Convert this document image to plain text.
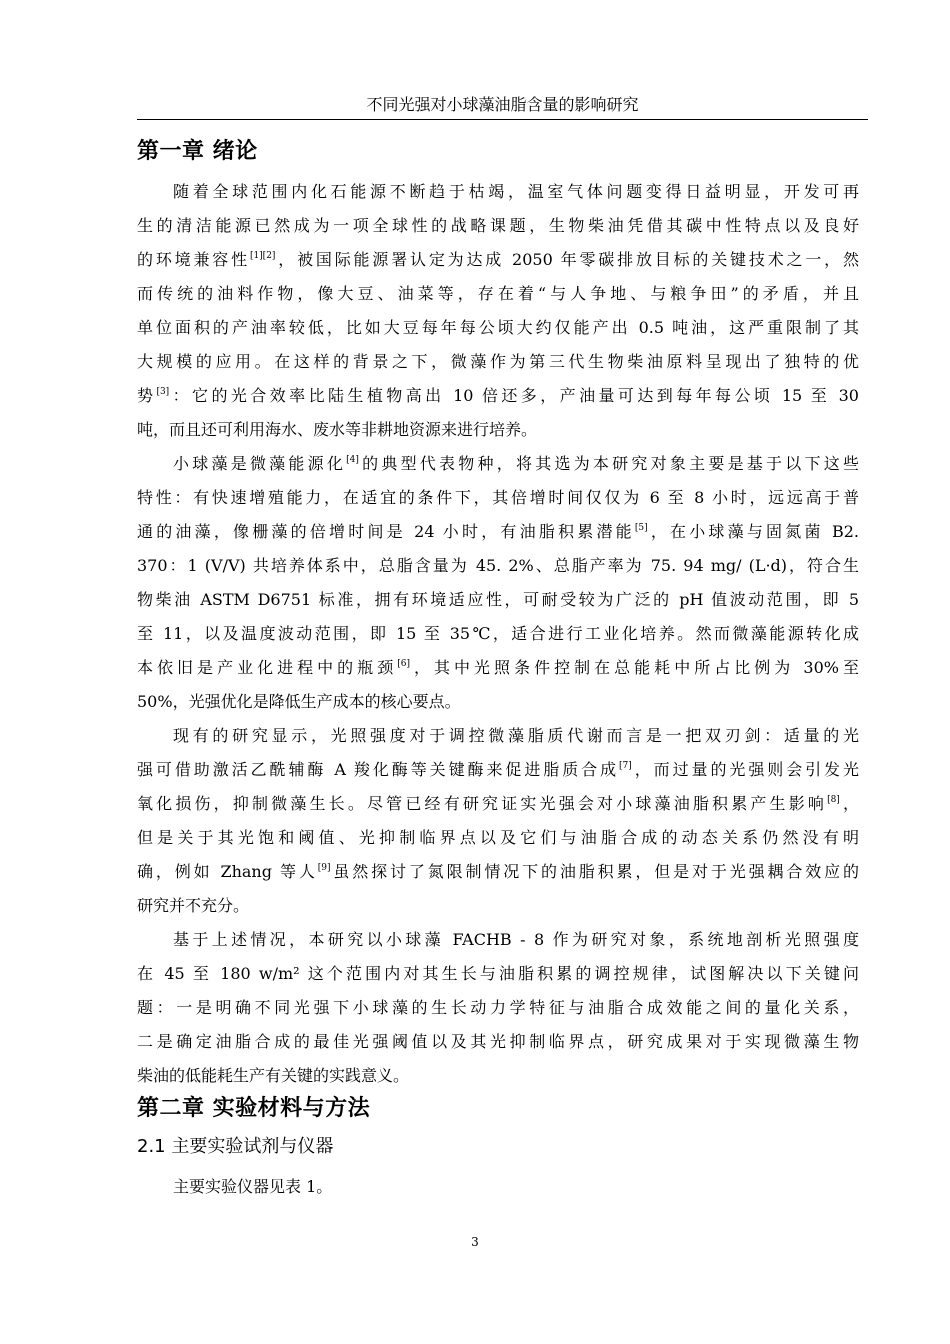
不同光强对小球藻油脂含量的影响研究
第一章 绪论
随着全球范围内化石能源不断趋于枯竭，温室气体问题变得日益明显，开发可再
生的清洁能源已然成为一项全球性的战略课题，生物柴油凭借其碳中性特点以及良好
的环境兼容性[1][2]，被国际能源署认定为达成 2050 年零碳排放目标的关键技术之一，然
而传统的油料作物，像大豆、油菜等，存在着“与人争地、与粮争田”的矛盾，并且
单位面积的产油率较低，比如大豆每年每公顷大约仅能产出 0.5 吨油，这严重限制了其
大规模的应用。在这样的背景之下，微藻作为第三代生物柴油原料呈现出了独特的优
势[3]：它的光合效率比陆生植物高出 10 倍还多，产油量可达到每年每公顷 15 至 30
吨，而且还可利用海水、废水等非耕地资源来进行培养。
小球藻是微藻能源化[4]的典型代表物种，将其选为本研究对象主要是基于以下这些
特性：有快速增殖能力，在适宜的条件下，其倍增时间仅仅为 6 至 8 小时，远远高于普
通的油藻，像栅藻的倍增时间是 24 小时，有油脂积累潜能[5]，在小球藻与固氮菌 B2.
370：1 (V/V) 共培养体系中，总脂含量为 45. 2%、总脂产率为 75. 94 mg/ (L·d)，符合生
物柴油 ASTM D6751 标准，拥有环境适应性，可耐受较为广泛的 pH 值波动范围，即 5
至 11，以及温度波动范围，即 15 至 35℃，适合进行工业化培养。然而微藻能源转化成
本依旧是产业化进程中的瓶颈[6]，其中光照条件控制在总能耗中所占比例为 30%至
50%，光强优化是降低生产成本的核心要点。
现有的研究显示，光照强度对于调控微藻脂质代谢而言是一把双刃剑：适量的光
强可借助激活乙酰辅酶 A 羧化酶等关键酶来促进脂质合成[7]，而过量的光强则会引发光
氧化损伤，抑制微藻生长。尽管已经有研究证实光强会对小球藻油脂积累产生影响[8]，
但是关于其光饱和阈值、光抑制临界点以及它们与油脂合成的动态关系仍然没有明
确，例如 Zhang 等人[9]虽然探讨了氮限制情况下的油脂积累，但是对于光强耦合效应的
研究并不充分。
基于上述情况，本研究以小球藻 FACHB - 8 作为研究对象，系统地剖析光照强度
在 45 至 180 w/m² 这个范围内对其生长与油脂积累的调控规律，试图解决以下关键问
题：一是明确不同光强下小球藻的生长动力学特征与油脂合成效能之间的量化关系，
二是确定油脂合成的最佳光强阈值以及其光抑制临界点，研究成果对于实现微藻生物
柴油的低能耗生产有关键的实践意义。
第二章 实验材料与方法
2.1 主要实验试剂与仪器
主要实验仪器见表 1。
3
